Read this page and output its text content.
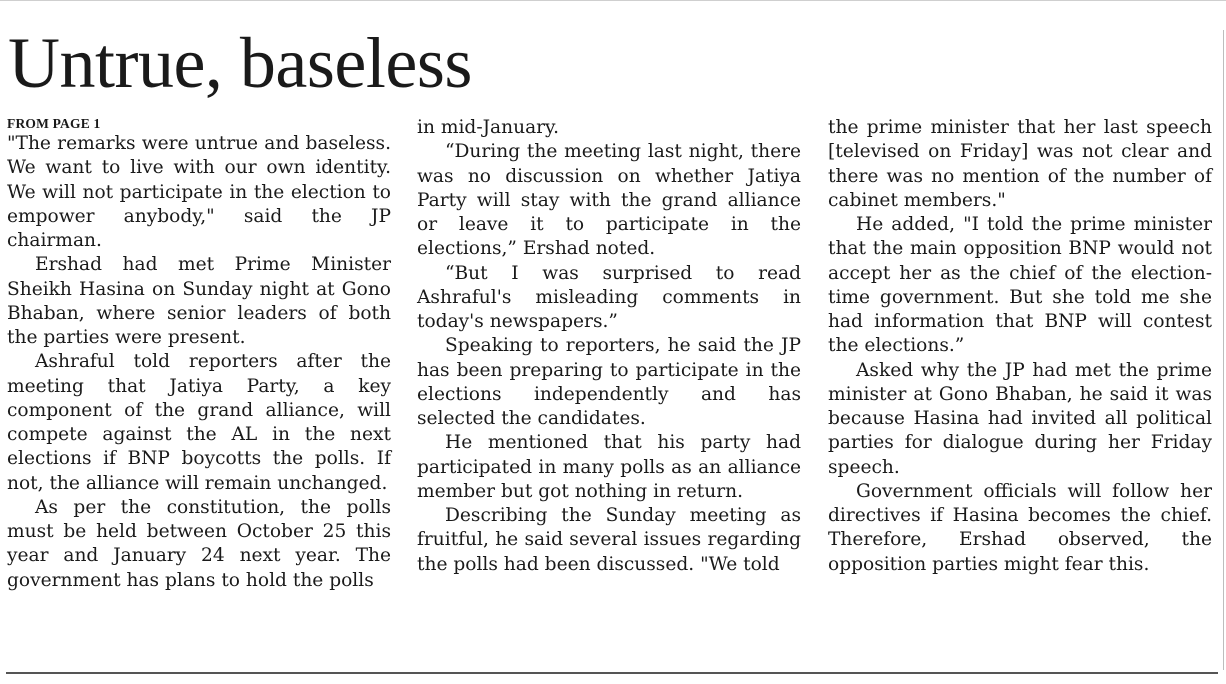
Untrue, baseless
FROM PAGE 1

"The remarks were untrue and baseless. We want to live with our own identity. We will not participate in the election to empower anybody," said the JP chairman.

Ershad had met Prime Minister Sheikh Hasina on Sunday night at Gono Bhaban, where senior leaders of both the parties were present.

Ashraful told reporters after the meeting that Jatiya Party, a key component of the grand alliance, will compete against the AL in the next elections if BNP boycotts the polls. If not, the alliance will remain unchanged.

As per the constitution, the polls must be held between October 25 this year and January 24 next year. The government has plans to hold the polls

in mid-January.

“During the meeting last night, there was no discussion on whether Jatiya Party will stay with the grand alliance or leave it to participate in the elections,” Ershad noted.

“But I was surprised to read Ashraful's misleading comments in today's newspapers.”

Speaking to reporters, he said the JP has been preparing to participate in the elections independently and has selected the candidates.

He mentioned that his party had participated in many polls as an alliance member but got nothing in return.

Describing the Sunday meeting as fruitful, he said several issues regarding the polls had been discussed. "We told

the prime minister that her last speech [televised on Friday] was not clear and there was no mention of the number of cabinet members."

He added, "I told the prime minister that the main opposition BNP would not accept her as the chief of the election-time government. But she told me she had information that BNP will contest the elections.”

Asked why the JP had met the prime minister at Gono Bhaban, he said it was because Hasina had invited all political parties for dialogue during her Friday speech.

Government officials will follow her directives if Hasina becomes the chief. Therefore, Ershad observed, the opposition parties might fear this.
